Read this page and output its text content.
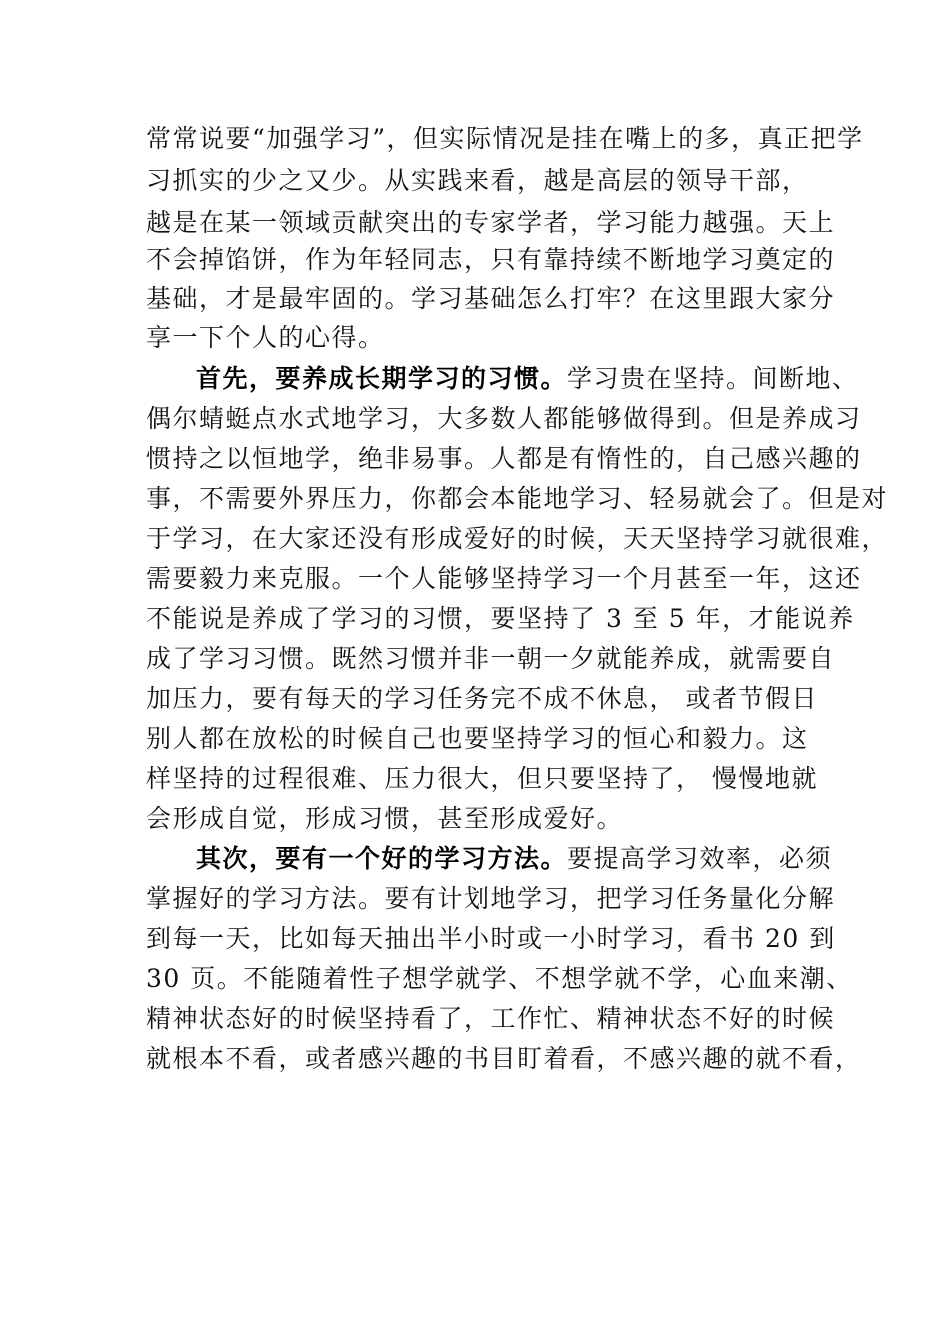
常常说要“加强学习”，但实际情况是挂在嘴上的多，真正把学
习抓实的少之又少。从实践来看，越是高层的领导干部，
越是在某一领域贡献突出的专家学者，学习能力越强。天上
不会掉馅饼，作为年轻同志，只有靠持续不断地学习奠定的
基础，才是最牢固的。学习基础怎么打牢？在这里跟大家分
享一下个人的心得。
首先，要养成长期学习的习惯。学习贵在坚持。间断地、
偶尔蜻蜓点水式地学习，大多数人都能够做得到。但是养成习
惯持之以恒地学，绝非易事。人都是有惰性的，自己感兴趣的
事，不需要外界压力，你都会本能地学习、轻易就会了。但是对
于学习，在大家还没有形成爱好的时候，天天坚持学习就很难，
需要毅力来克服。一个人能够坚持学习一个月甚至一年，这还
不能说是养成了学习的习惯，要坚持了 3 至 5 年，才能说养
成了学习习惯。既然习惯并非一朝一夕就能养成，就需要自
加压力，要有每天的学习任务完不成不休息， 或者节假日
别人都在放松的时候自己也要坚持学习的恒心和毅力。这
样坚持的过程很难、压力很大，但只要坚持了， 慢慢地就
会形成自觉，形成习惯，甚至形成爱好。
其次，要有一个好的学习方法。要提高学习效率，必须
掌握好的学习方法。要有计划地学习，把学习任务量化分解
到每一天，比如每天抽出半小时或一小时学习，看书 20 到
30 页。不能随着性子想学就学、不想学就不学，心血来潮、
精神状态好的时候坚持看了，工作忙、精神状态不好的时候
就根本不看，或者感兴趣的书目盯着看，不感兴趣的就不看，
